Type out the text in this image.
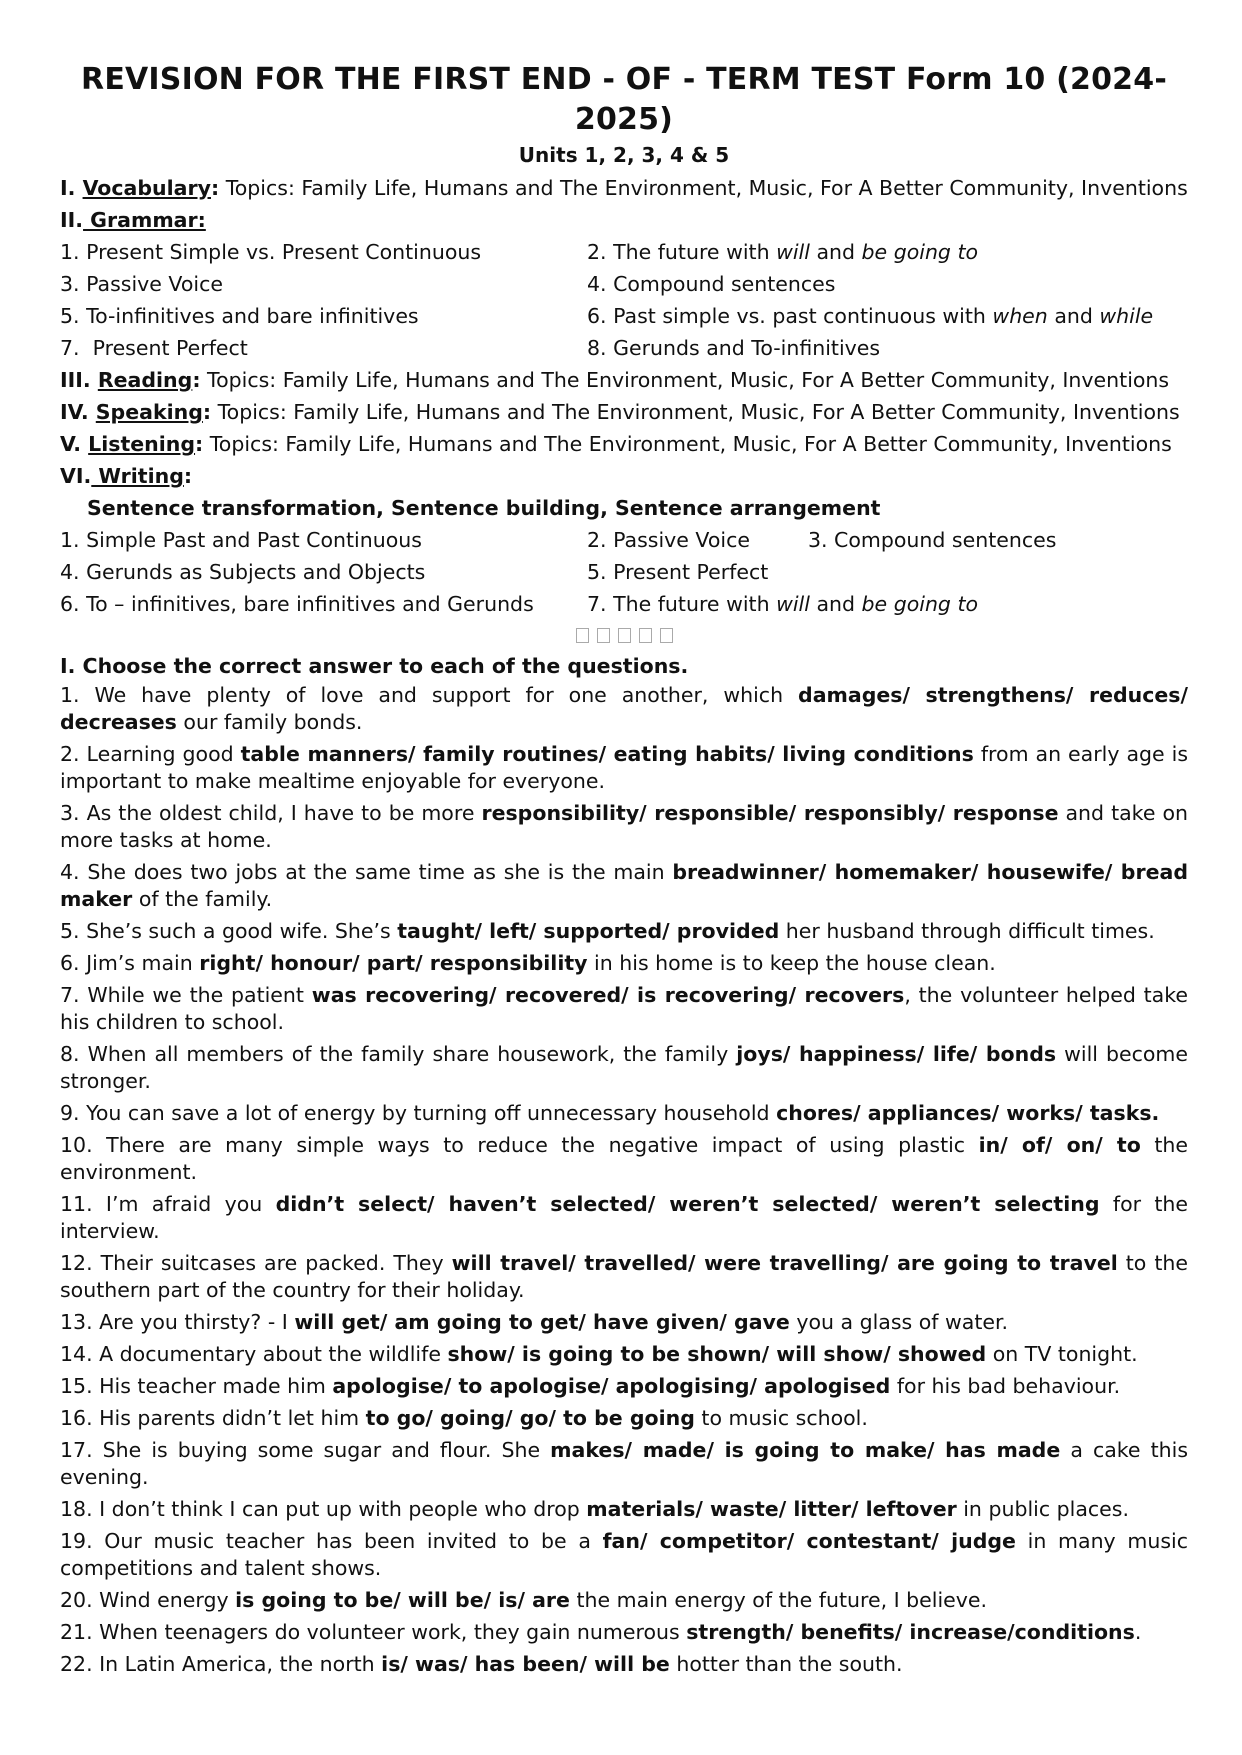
REVISION FOR THE FIRST END - OF - TERM TEST Form 10 (2024-2025)
Units 1, 2, 3, 4 & 5
I. Vocabulary: Topics: Family Life, Humans and The Environment, Music, For A Better Community, Inventions
II. Grammar:
1. Present Simple vs. Present Continuous	2. The future with will and be going to
3. Passive Voice	4. Compound sentences
5. To-infinitives and bare infinitives	6. Past simple vs. past continuous with when and while
7.  Present Perfect	8. Gerunds and To-infinitives
III. Reading: Topics: Family Life, Humans and The Environment, Music, For A Better Community, Inventions
IV. Speaking: Topics: Family Life, Humans and The Environment, Music, For A Better Community, Inventions
V. Listening: Topics: Family Life, Humans and The Environment, Music, For A Better Community, Inventions
VI. Writing:
Sentence transformation, Sentence building, Sentence arrangement
1. Simple Past and Past Continuous	2. Passive Voice	3. Compound sentences
4. Gerunds as Subjects and Objects	5. Present Perfect
6. To – infinitives, bare infinitives and Gerunds	7. The future with will and be going to
I. Choose the correct answer to each of the questions.
1. We have plenty of love and support for one another, which damages/ strengthens/ reduces/ decreases our family bonds.
2. Learning good table manners/ family routines/ eating habits/ living conditions from an early age is important to make mealtime enjoyable for everyone.
3. As the oldest child, I have to be more responsibility/ responsible/ responsibly/ response and take on more tasks at home.
4. She does two jobs at the same time as she is the main breadwinner/ homemaker/ housewife/ bread maker of the family.
5. She’s such a good wife. She’s taught/ left/ supported/ provided her husband through difficult times.
6. Jim’s main right/ honour/ part/ responsibility in his home is to keep the house clean.
7. While we the patient was recovering/ recovered/ is recovering/ recovers, the volunteer helped take his children to school.
8. When all members of the family share housework, the family joys/ happiness/ life/ bonds will become stronger.
9. You can save a lot of energy by turning off unnecessary household chores/ appliances/ works/ tasks.
10. There are many simple ways to reduce the negative impact of using plastic in/ of/ on/ to the environment.
11. I’m afraid you didn’t select/ haven’t selected/ weren’t selected/ weren’t selecting for the interview.
12. Their suitcases are packed. They will travel/ travelled/ were travelling/ are going to travel to the southern part of the country for their holiday.
13. Are you thirsty? - I will get/ am going to get/ have given/ gave you a glass of water.
14. A documentary about the wildlife show/ is going to be shown/ will show/ showed on TV tonight.
15. His teacher made him apologise/ to apologise/ apologising/ apologised for his bad behaviour.
16. His parents didn’t let him to go/ going/ go/ to be going to music school.
17. She is buying some sugar and flour. She makes/ made/ is going to make/ has made a cake this evening.
18. I don’t think I can put up with people who drop materials/ waste/ litter/ leftover in public places.
19. Our music teacher has been invited to be a fan/ competitor/ contestant/ judge in many music competitions and talent shows.
20. Wind energy is going to be/ will be/ is/ are the main energy of the future, I believe.
21. When teenagers do volunteer work, they gain numerous strength/ benefits/ increase/conditions.
22. In Latin America, the north is/ was/ has been/ will be hotter than the south.
